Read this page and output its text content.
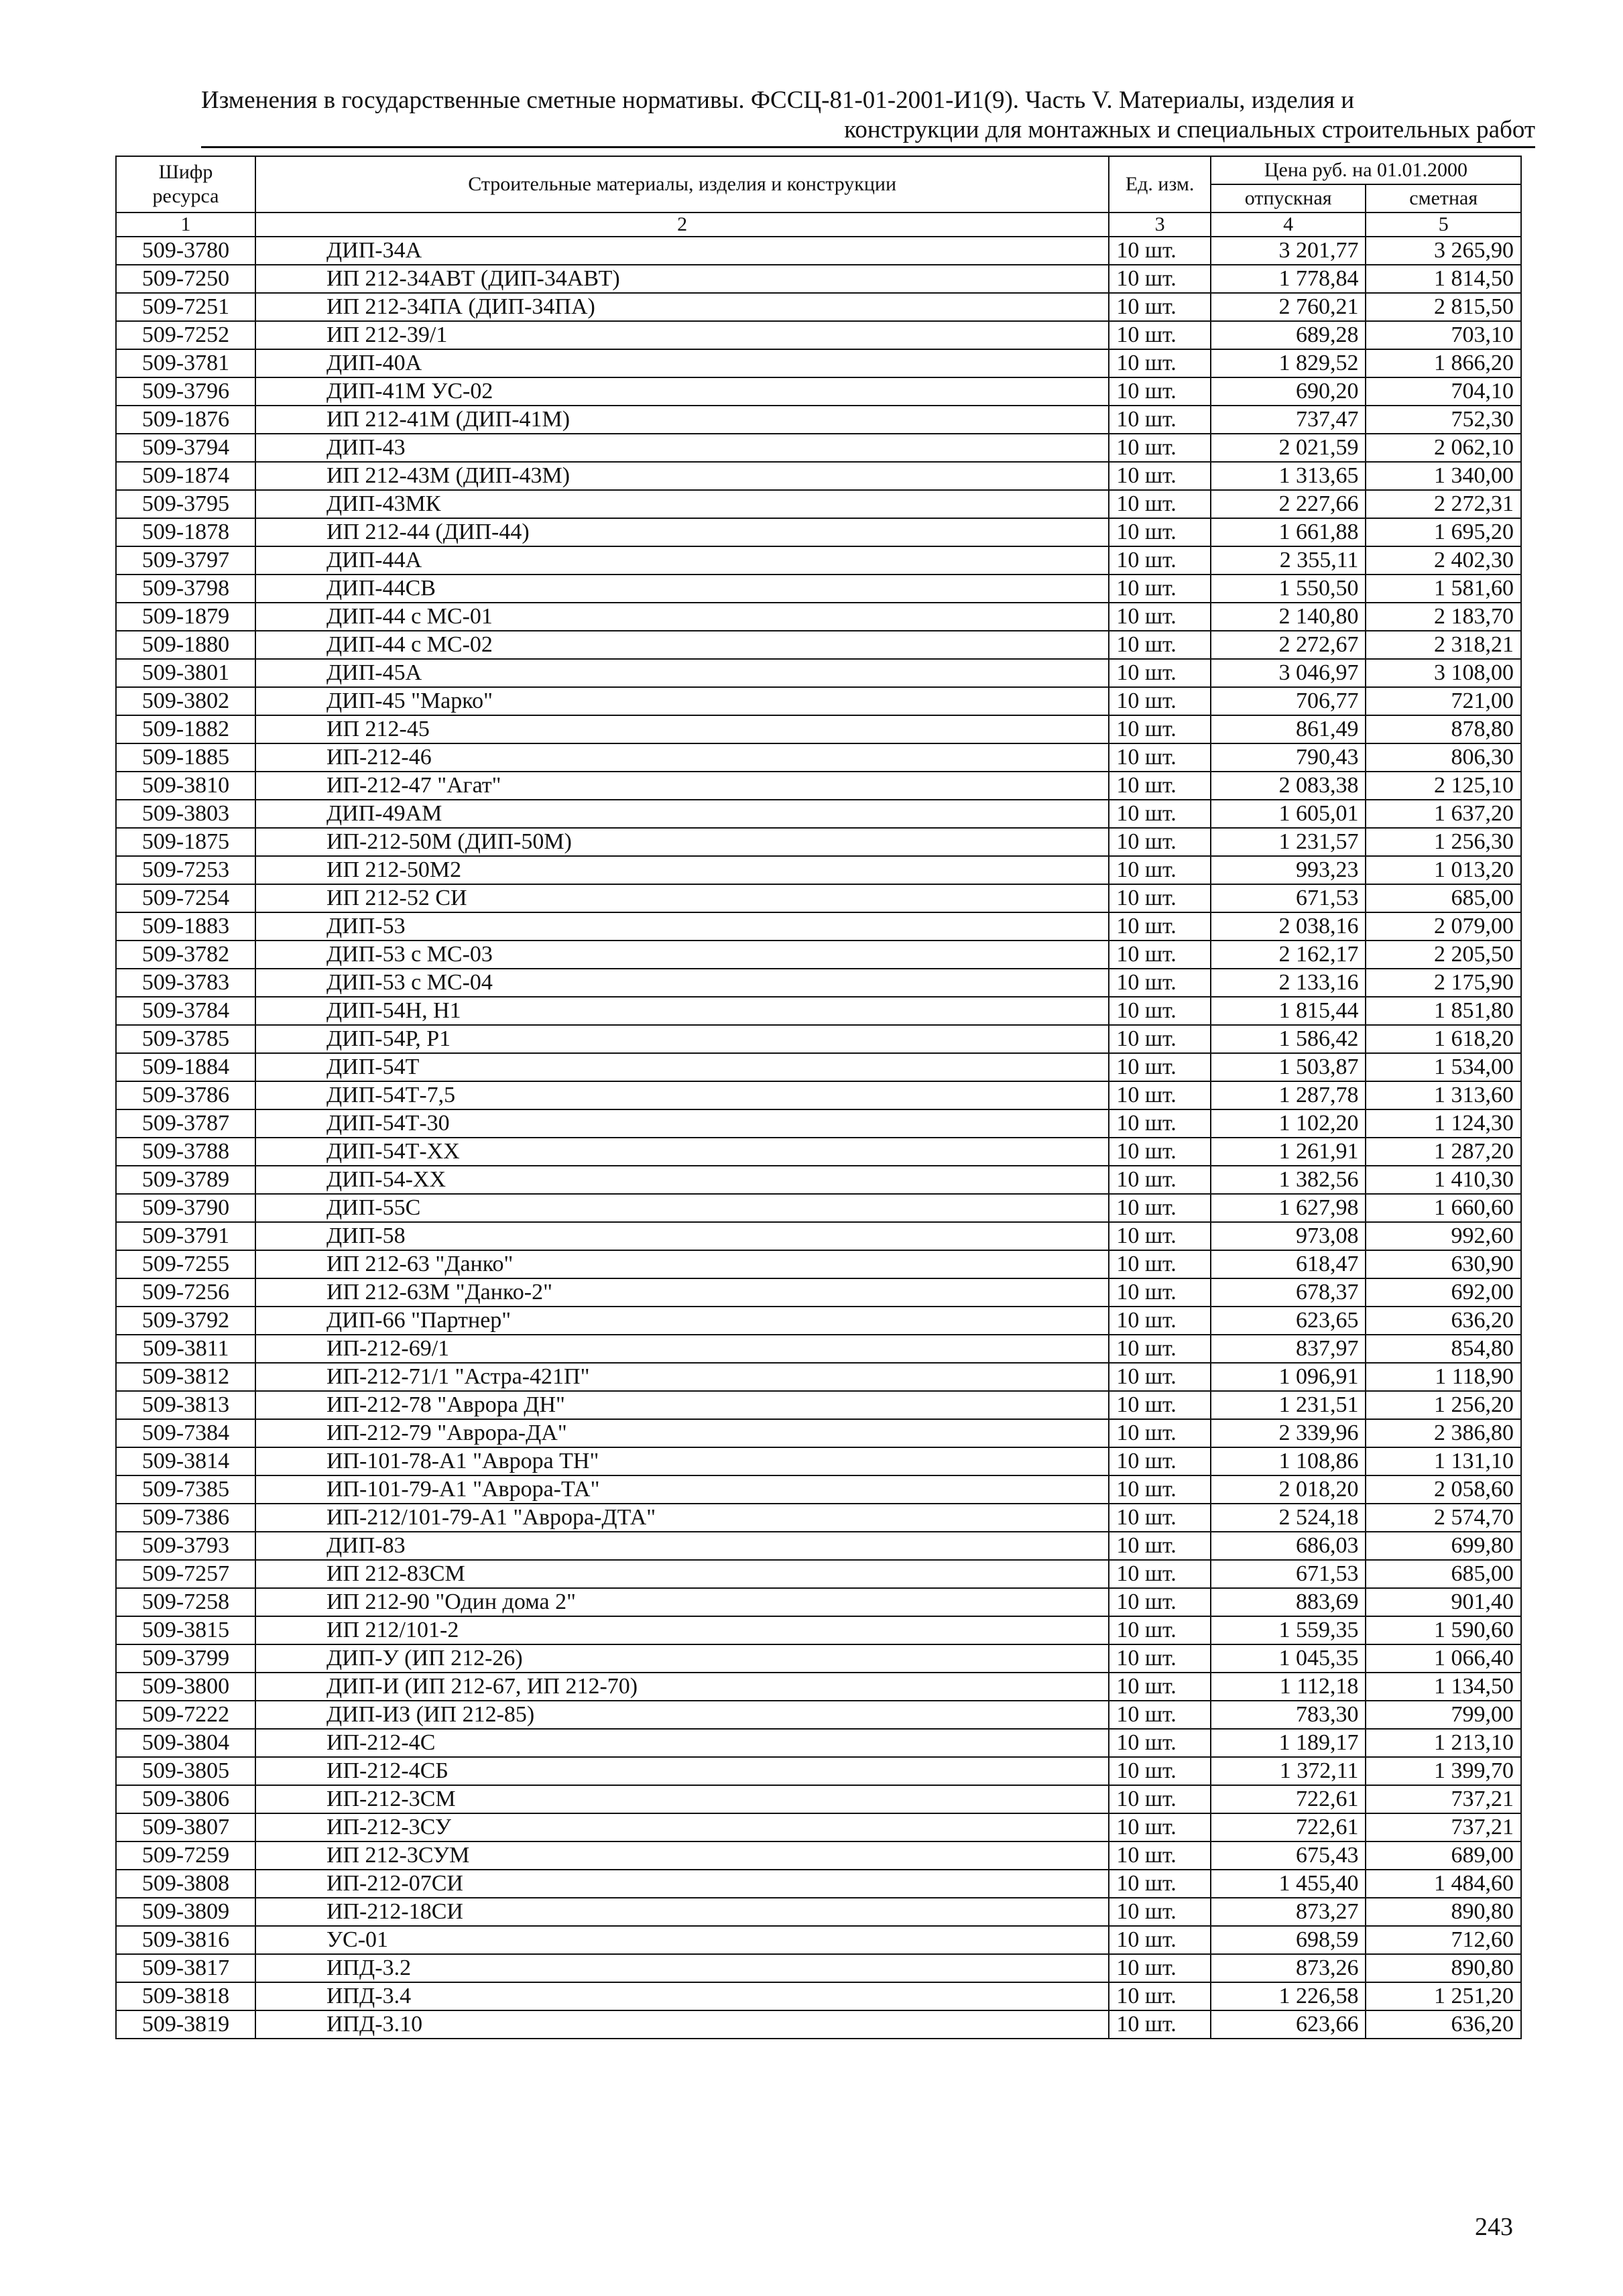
Изменения в государственные сметные нормативы. ФССЦ-81-01-2001-И1(9). Часть V. Материалы, изделия и
конструкции для монтажных и специальных строительных работ
Шифр ресурса	Строительные материалы, изделия и конструкции	Ед. изм.	Цена руб. на 01.01.2000	
			отпускная	сметная
1	2	3	4	5
509-3780	ДИП-34А	10 шт.	3 201,77	3 265,90
509-7250	ИП 212-34АВТ (ДИП-34АВТ)	10 шт.	1 778,84	1 814,50
509-7251	ИП 212-34ПА (ДИП-34ПА)	10 шт.	2 760,21	2 815,50
509-7252	ИП 212-39/1	10 шт.	689,28	703,10
509-3781	ДИП-40А	10 шт.	1 829,52	1 866,20
509-3796	ДИП-41М УС-02	10 шт.	690,20	704,10
509-1876	ИП 212-41М (ДИП-41М)	10 шт.	737,47	752,30
509-3794	ДИП-43	10 шт.	2 021,59	2 062,10
509-1874	ИП 212-43М (ДИП-43М)	10 шт.	1 313,65	1 340,00
509-3795	ДИП-43МК	10 шт.	2 227,66	2 272,31
509-1878	ИП 212-44 (ДИП-44)	10 шт.	1 661,88	1 695,20
509-3797	ДИП-44А	10 шт.	2 355,11	2 402,30
509-3798	ДИП-44СВ	10 шт.	1 550,50	1 581,60
509-1879	ДИП-44 с МС-01	10 шт.	2 140,80	2 183,70
509-1880	ДИП-44 с МС-02	10 шт.	2 272,67	2 318,21
509-3801	ДИП-45А	10 шт.	3 046,97	3 108,00
509-3802	ДИП-45 "Марко"	10 шт.	706,77	721,00
509-1882	ИП 212-45	10 шт.	861,49	878,80
509-1885	ИП-212-46	10 шт.	790,43	806,30
509-3810	ИП-212-47 "Агат"	10 шт.	2 083,38	2 125,10
509-3803	ДИП-49АМ	10 шт.	1 605,01	1 637,20
509-1875	ИП-212-50М (ДИП-50М)	10 шт.	1 231,57	1 256,30
509-7253	ИП 212-50М2	10 шт.	993,23	1 013,20
509-7254	ИП 212-52 СИ	10 шт.	671,53	685,00
509-1883	ДИП-53	10 шт.	2 038,16	2 079,00
509-3782	ДИП-53 с МС-03	10 шт.	2 162,17	2 205,50
509-3783	ДИП-53 с МС-04	10 шт.	2 133,16	2 175,90
509-3784	ДИП-54Н, Н1	10 шт.	1 815,44	1 851,80
509-3785	ДИП-54Р, Р1	10 шт.	1 586,42	1 618,20
509-1884	ДИП-54Т	10 шт.	1 503,87	1 534,00
509-3786	ДИП-54Т-7,5	10 шт.	1 287,78	1 313,60
509-3787	ДИП-54Т-30	10 шт.	1 102,20	1 124,30
509-3788	ДИП-54Т-ХХ	10 шт.	1 261,91	1 287,20
509-3789	ДИП-54-ХХ	10 шт.	1 382,56	1 410,30
509-3790	ДИП-55С	10 шт.	1 627,98	1 660,60
509-3791	ДИП-58	10 шт.	973,08	992,60
509-7255	ИП 212-63 "Данко"	10 шт.	618,47	630,90
509-7256	ИП 212-63М "Данко-2"	10 шт.	678,37	692,00
509-3792	ДИП-66 "Партнер"	10 шт.	623,65	636,20
509-3811	ИП-212-69/1	10 шт.	837,97	854,80
509-3812	ИП-212-71/1 "Астра-421П"	10 шт.	1 096,91	1 118,90
509-3813	ИП-212-78 "Аврора ДН"	10 шт.	1 231,51	1 256,20
509-7384	ИП-212-79 "Аврора-ДА"	10 шт.	2 339,96	2 386,80
509-3814	ИП-101-78-А1 "Аврора ТН"	10 шт.	1 108,86	1 131,10
509-7385	ИП-101-79-А1 "Аврора-ТА"	10 шт.	2 018,20	2 058,60
509-7386	ИП-212/101-79-А1 "Аврора-ДТА"	10 шт.	2 524,18	2 574,70
509-3793	ДИП-83	10 шт.	686,03	699,80
509-7257	ИП 212-83СМ	10 шт.	671,53	685,00
509-7258	ИП 212-90 "Один дома 2"	10 шт.	883,69	901,40
509-3815	ИП 212/101-2	10 шт.	1 559,35	1 590,60
509-3799	ДИП-У (ИП 212-26)	10 шт.	1 045,35	1 066,40
509-3800	ДИП-И (ИП 212-67, ИП 212-70)	10 шт.	1 112,18	1 134,50
509-7222	ДИП-ИЗ (ИП 212-85)	10 шт.	783,30	799,00
509-3804	ИП-212-4С	10 шт.	1 189,17	1 213,10
509-3805	ИП-212-4СБ	10 шт.	1 372,11	1 399,70
509-3806	ИП-212-3СМ	10 шт.	722,61	737,21
509-3807	ИП-212-3СУ	10 шт.	722,61	737,21
509-7259	ИП 212-3СУМ	10 шт.	675,43	689,00
509-3808	ИП-212-07СИ	10 шт.	1 455,40	1 484,60
509-3809	ИП-212-18СИ	10 шт.	873,27	890,80
509-3816	УС-01	10 шт.	698,59	712,60
509-3817	ИПД-3.2	10 шт.	873,26	890,80
509-3818	ИПД-3.4	10 шт.	1 226,58	1 251,20
509-3819	ИПД-3.10	10 шт.	623,66	636,20
243
